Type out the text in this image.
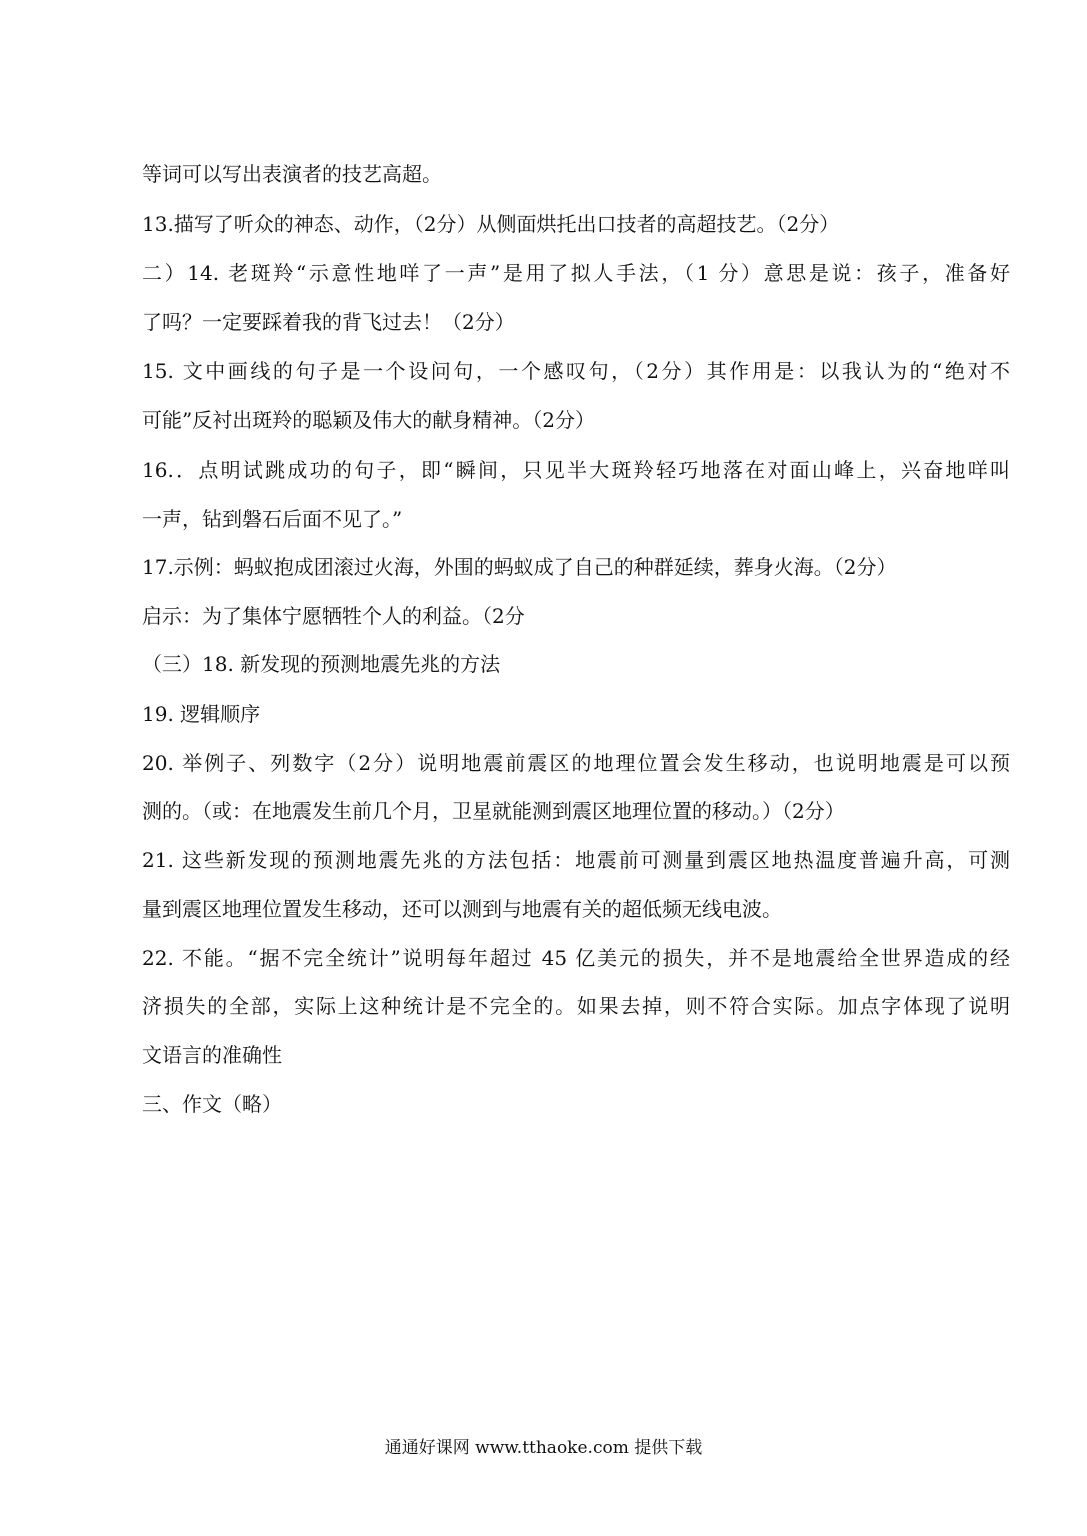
等词可以写出表演者的技艺高超。
13.描写了听众的神态、动作，（2分）从侧面烘托出口技者的高超技艺。（2分）
二）14. 老斑羚“示意性地咩了一声”是用了拟人手法，（1 分）意思是说：孩子，准备好
了吗？一定要踩着我的背飞过去！（2分）
15. 文中画线的句子是一个设问句，一个感叹句，（2分）其作用是：以我认为的“绝对不
可能”反衬出斑羚的聪颖及伟大的献身精神。（2分）
16.．点明试跳成功的句子，即“瞬间，只见半大斑羚轻巧地落在对面山峰上，兴奋地咩叫
一声，钻到磐石后面不见了。”
17.示例：蚂蚁抱成团滚过火海，外围的蚂蚁成了自己的种群延续，葬身火海。（2分）
启示：为了集体宁愿牺牲个人的利益。（2分
（三）18. 新发现的预测地震先兆的方法
19. 逻辑顺序
20. 举例子、列数字（2分）说明地震前震区的地理位置会发生移动，也说明地震是可以预
测的。（或：在地震发生前几个月，卫星就能测到震区地理位置的移动。）（2分）
21. 这些新发现的预测地震先兆的方法包括：地震前可测量到震区地热温度普遍升高，可测
量到震区地理位置发生移动，还可以测到与地震有关的超低频无线电波。
22. 不能。“据不完全统计”说明每年超过 45 亿美元的损失，并不是地震给全世界造成的经
济损失的全部，实际上这种统计是不完全的。如果去掉，则不符合实际。加点字体现了说明
文语言的准确性
三、作文（略）
通通好课网 www.tthaoke.com 提供下载
